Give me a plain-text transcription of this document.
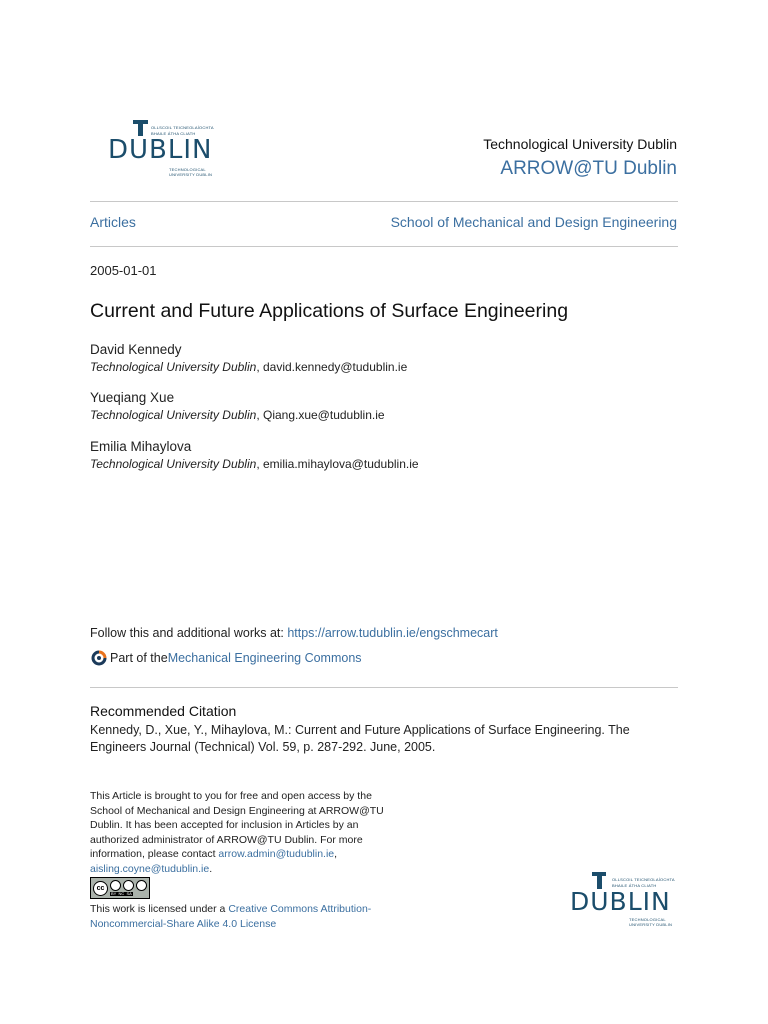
OLLSCOIL TEICNEOLAÍOCHTA
BHAILE ÁTHA CLIATH
DUBLIN
TECHNOLOGICAL
UNIVERSITY DUBLIN
Technological University Dublin
ARROW@TU Dublin
Articles	School of Mechanical and Design Engineering
2005-01-01
Current and Future Applications of Surface Engineering
David Kennedy
Technological University Dublin, david.kennedy@tudublin.ie
Yueqiang Xue
Technological University Dublin, Qiang.xue@tudublin.ie
Emilia Mihaylova
Technological University Dublin, emilia.mihaylova@tudublin.ie
Follow this and additional works at: https://arrow.tudublin.ie/engschmecart
Part of the Mechanical Engineering Commons
Recommended Citation
Kennedy, D., Xue, Y., Mihaylova, M.: Current and Future Applications of Surface Engineering. The Engineers Journal (Technical) Vol. 59, p. 287-292. June, 2005.
This Article is brought to you for free and open access by the School of Mechanical and Design Engineering at ARROW@TU Dublin. It has been accepted for inclusion in Articles by an authorized administrator of ARROW@TU Dublin. For more information, please contact arrow.admin@tudublin.ie, aisling.coyne@tudublin.ie.
cc
BY  NC  SA
This work is licensed under a Creative Commons Attribution-Noncommercial-Share Alike 4.0 License
OLLSCOIL TEICNEOLAÍOCHTA
BHAILE ÁTHA CLIATH
DUBLIN
TECHNOLOGICAL
UNIVERSITY DUBLIN
